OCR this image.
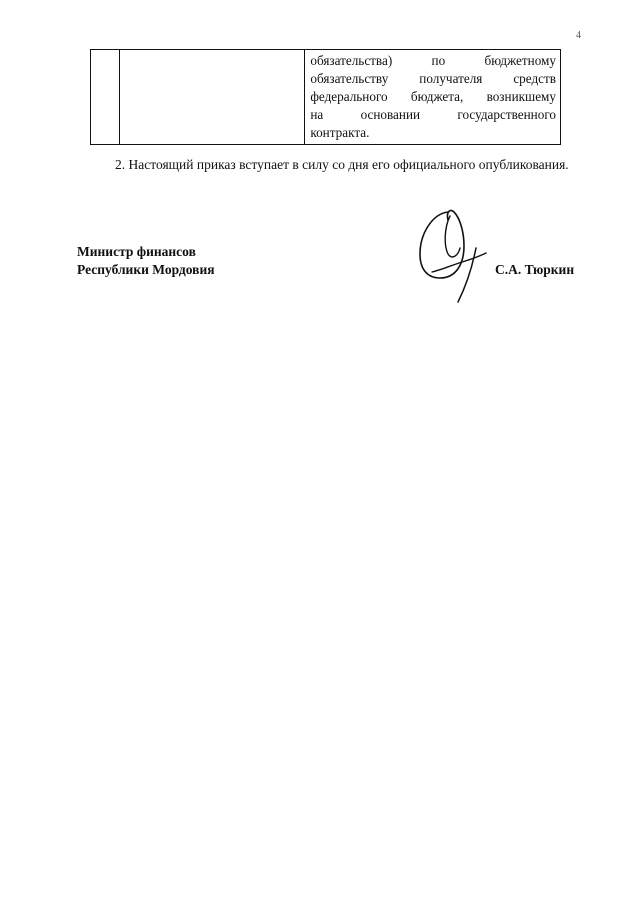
4

обязательства) по бюджетному
обязательству получателя средств
федерального бюджета, возникшему
на основании государственного
контракта.
2. Настоящий приказ вступает в силу со дня его официального опубликования.
Министр финансов
Республики Мордовия	С.А. Тюркин
